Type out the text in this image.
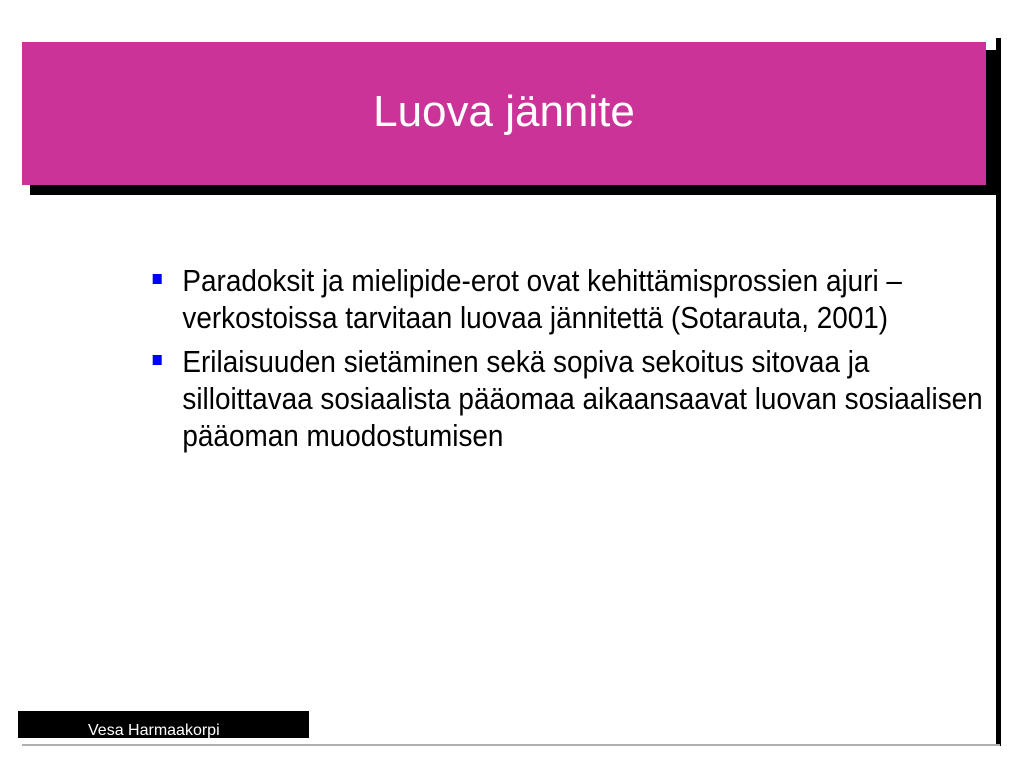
Luova jännite
Paradoksit ja mielipide-erot ovat kehittämisprossien ajuri – verkostoissa tarvitaan luovaa jännitettä (Sotarauta, 2001)
Erilaisuuden sietäminen sekä sopiva sekoitus sitovaa ja silloittavaa sosiaalista pääomaa aikaansaavat luovan sosiaalisen pääoman muodostumisen
Vesa Harmaakorpi
